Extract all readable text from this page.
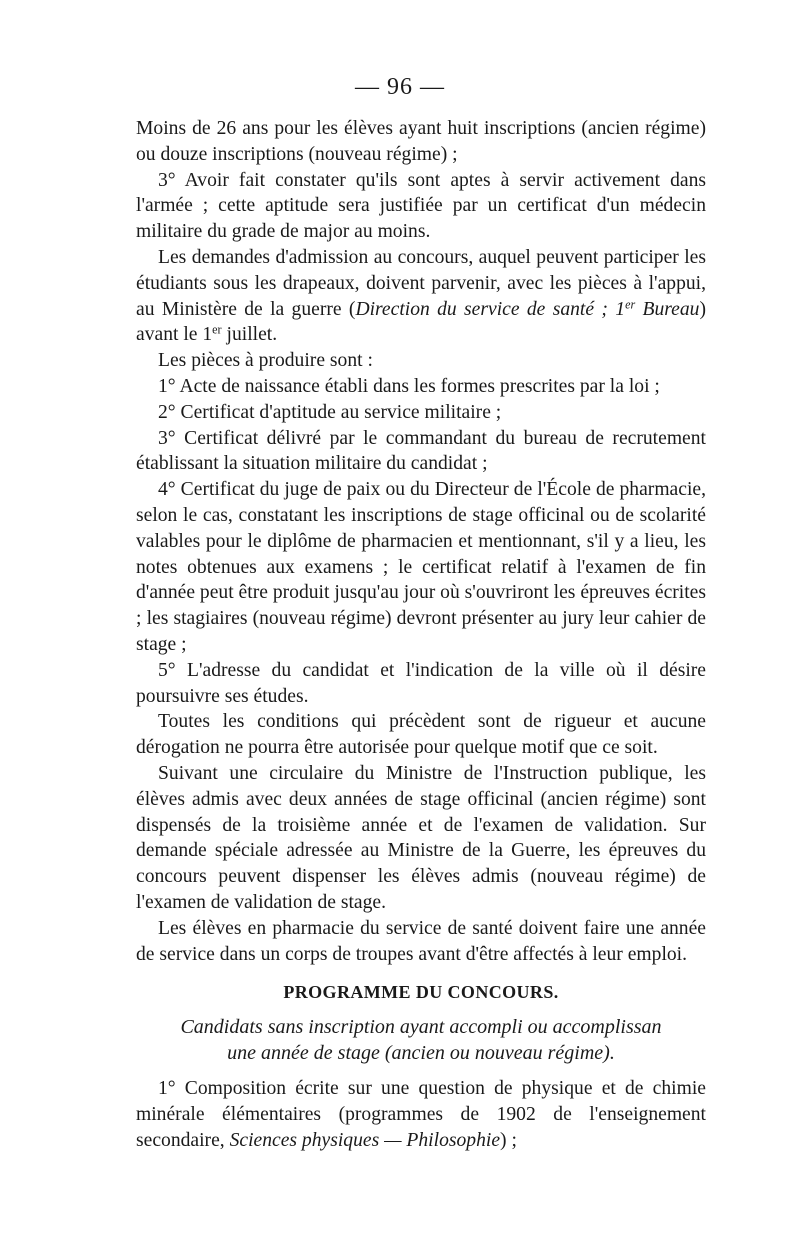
— 96 —

Moins de 26 ans pour les élèves ayant huit inscriptions (ancien régime) ou douze inscriptions (nouveau régime) ;

3° Avoir fait constater qu'ils sont aptes à servir activement dans l'armée ; cette aptitude sera justifiée par un certificat d'un médecin militaire du grade de major au moins.

Les demandes d'admission au concours, auquel peuvent participer les étudiants sous les drapeaux, doivent parvenir, avec les pièces à l'appui, au Ministère de la guerre (Direction du service de santé ; 1er Bureau) avant le 1er juillet.

Les pièces à produire sont :

1° Acte de naissance établi dans les formes prescrites par la loi ;

2° Certificat d'aptitude au service militaire ;

3° Certificat délivré par le commandant du bureau de recrutement établissant la situation militaire du candidat ;

4° Certificat du juge de paix ou du Directeur de l'École de pharmacie, selon le cas, constatant les inscriptions de stage officinal ou de scolarité valables pour le diplôme de pharmacien et mentionnant, s'il y a lieu, les notes obtenues aux examens ; le certificat relatif à l'examen de fin d'année peut être produit jusqu'au jour où s'ouvriront les épreuves écrites ; les stagiaires (nouveau régime) devront présenter au jury leur cahier de stage ;

5° L'adresse du candidat et l'indication de la ville où il désire poursuivre ses études.

Toutes les conditions qui précèdent sont de rigueur et aucune dérogation ne pourra être autorisée pour quelque motif que ce soit.

Suivant une circulaire du Ministre de l'Instruction publique, les élèves admis avec deux années de stage officinal (ancien régime) sont dispensés de la troisième année et de l'examen de validation. Sur demande spéciale adressée au Ministre de la Guerre, les épreuves du concours peuvent dispenser les élèves admis (nouveau régime) de l'examen de validation de stage.

Les élèves en pharmacie du service de santé doivent faire une année de service dans un corps de troupes avant d'être affectés à leur emploi.

PROGRAMME DU CONCOURS.

Candidats sans inscription ayant accompli ou accomplissan
une année de stage (ancien ou nouveau régime).

1° Composition écrite sur une question de physique et de chimie minérale élémentaires (programmes de 1902 de l'enseignement secondaire, Sciences physiques — Philosophie) ;
